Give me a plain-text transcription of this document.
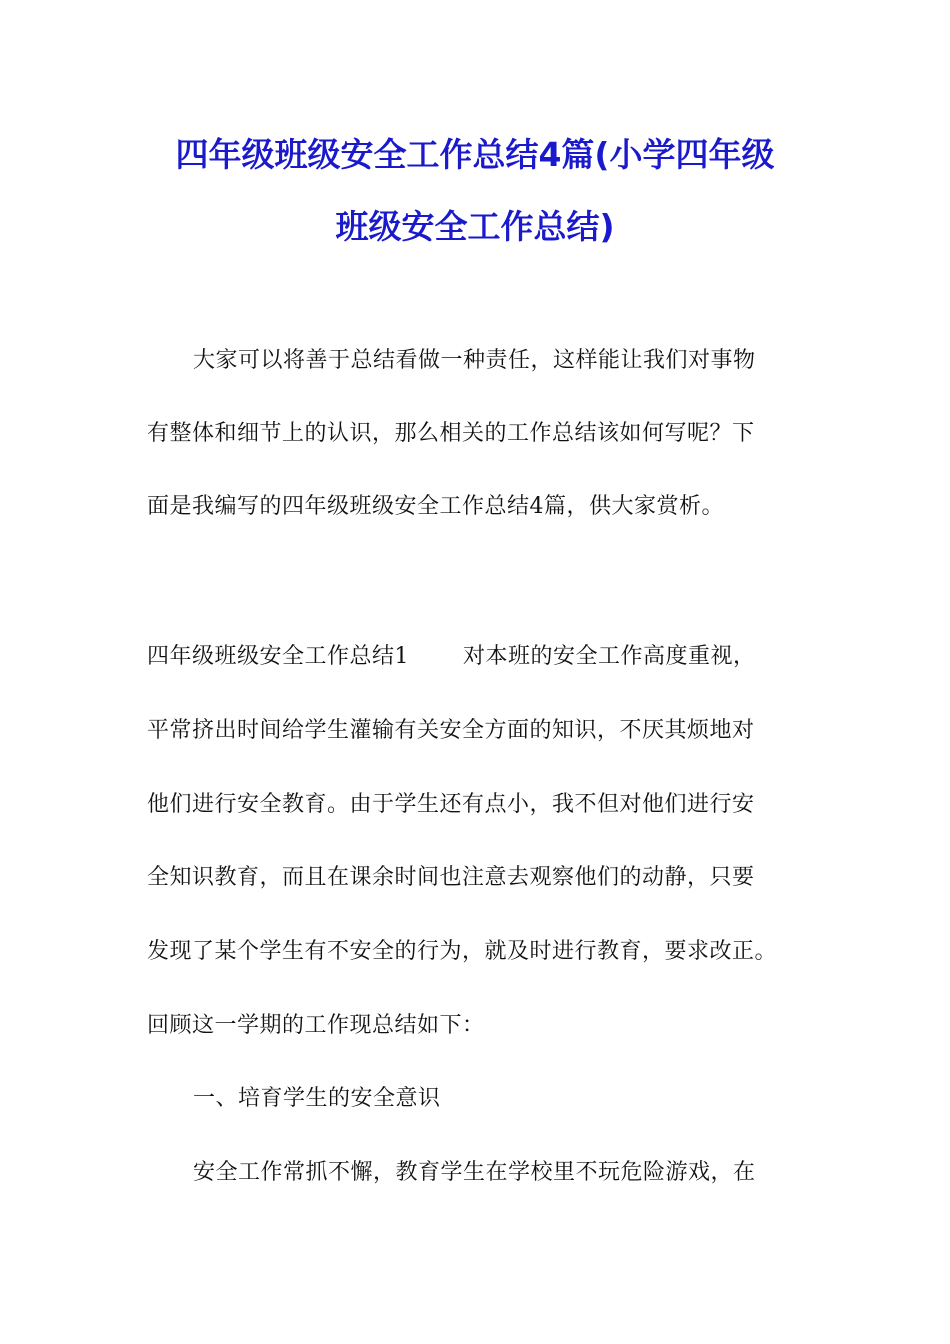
四年级班级安全工作总结4篇(小学四年级
班级安全工作总结)
大家可以将善于总结看做一种责任，这样能让我们对事物
有整体和细节上的认识，那么相关的工作总结该如何写呢？下
面是我编写的四年级班级安全工作总结4篇，供大家赏析。
四年级班级安全工作总结1 对本班的安全工作高度重视，
平常挤出时间给学生灌输有关安全方面的知识，不厌其烦地对
他们进行安全教育。由于学生还有点小，我不但对他们进行安
全知识教育，而且在课余时间也注意去观察他们的动静，只要
发现了某个学生有不安全的行为，就及时进行教育，要求改正。
回顾这一学期的工作现总结如下：
一、培育学生的安全意识
安全工作常抓不懈，教育学生在学校里不玩危险游戏，在
